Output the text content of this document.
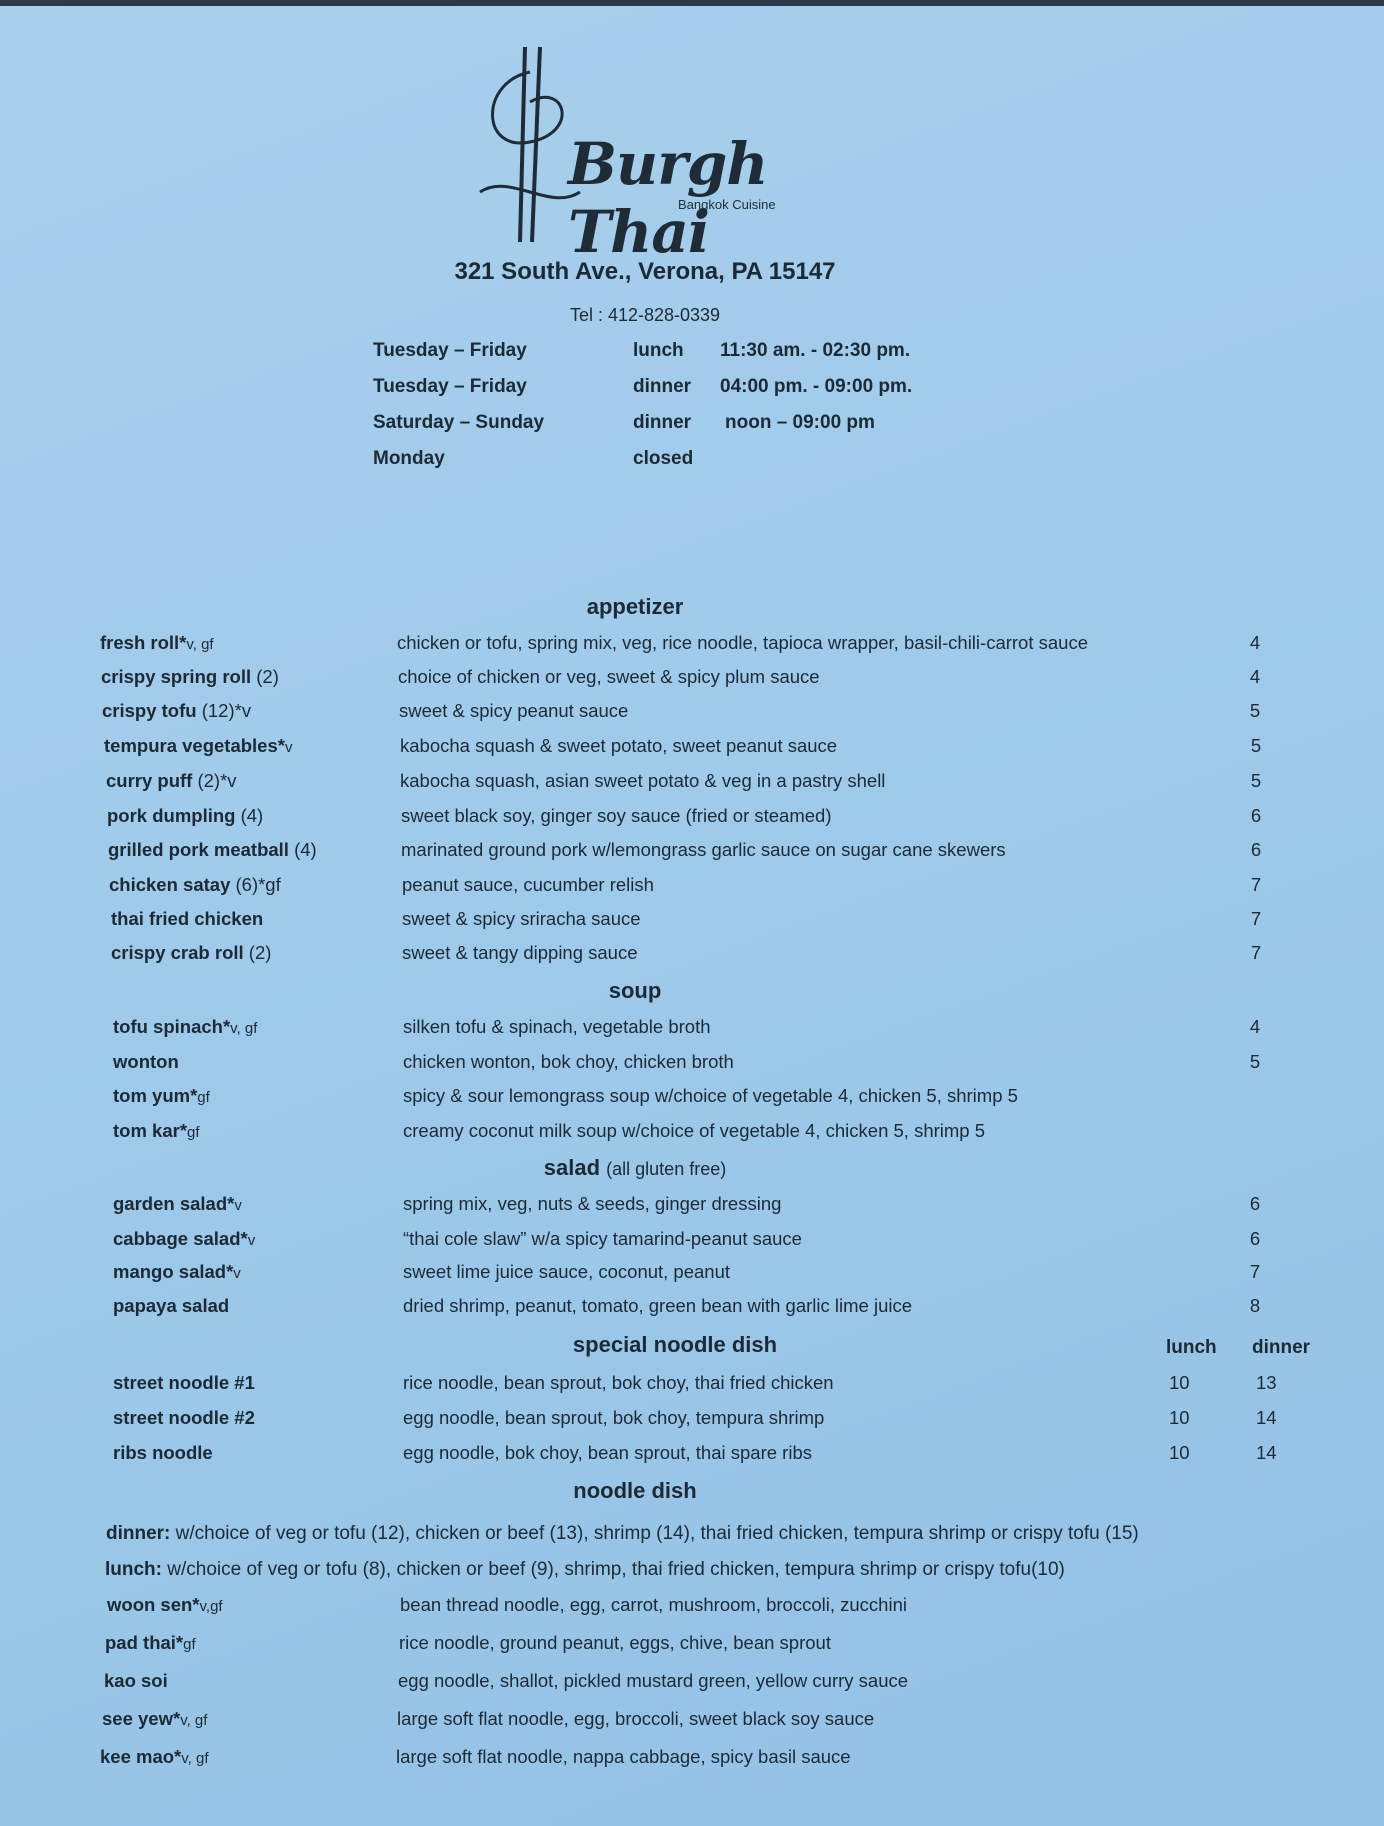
Burgh Thai
Bangkok Cuisine
321 South Ave., Verona, PA 15147
Tel : 412-828-0339
Tuesday – Friday	lunch 11:30 am. - 02:30 pm.
Tuesday – Friday	dinner 04:00 pm. - 09:00 pm.
Saturday – Sunday	dinner noon – 09:00 pm
Monday	closed
appetizer
fresh roll*v, gf	chicken or tofu, spring mix, veg, rice noodle, tapioca wrapper, basil-chili-carrot sauce	4
crispy spring roll (2)	choice of chicken or veg, sweet & spicy plum sauce	4
crispy tofu (12)*v	sweet & spicy peanut sauce	5
tempura vegetables*v	kabocha squash & sweet potato, sweet peanut sauce	5
curry puff (2)*v	kabocha squash, asian sweet potato & veg in a pastry shell	5
pork dumpling (4)	sweet black soy, ginger soy sauce (fried or steamed)	6
grilled pork meatball (4)	marinated ground pork w/lemongrass garlic sauce on sugar cane skewers	6
chicken satay (6)*gf	peanut sauce, cucumber relish	7
thai fried chicken	sweet & spicy sriracha sauce	7
crispy crab roll (2)	sweet & tangy dipping sauce	7
soup
tofu spinach*v, gf	silken tofu & spinach, vegetable broth	4
wonton	chicken wonton, bok choy, chicken broth	5
tom yum*gf	spicy & sour lemongrass soup w/choice of vegetable 4, chicken 5, shrimp 5
tom kar*gf	creamy coconut milk soup w/choice of vegetable 4, chicken 5, shrimp 5
salad (all gluten free)
garden salad*v	spring mix, veg, nuts & seeds, ginger dressing	6
cabbage salad*v	“thai cole slaw” w/a spicy tamarind-peanut sauce	6
mango salad*v	sweet lime juice sauce, coconut, peanut	7
papaya salad	dried shrimp, peanut, tomato, green bean with garlic lime juice	8
special noodle dish	lunch dinner
street noodle #1	rice noodle, bean sprout, bok choy, thai fried chicken	10	13
street noodle #2	egg noodle, bean sprout, bok choy, tempura shrimp	10	14
ribs noodle	egg noodle, bok choy, bean sprout, thai spare ribs	10	14
noodle dish
dinner: w/choice of veg or tofu (12), chicken or beef (13), shrimp (14), thai fried chicken, tempura shrimp or crispy tofu (15)
lunch: w/choice of veg or tofu (8), chicken or beef (9), shrimp, thai fried chicken, tempura shrimp or crispy tofu(10)
woon sen*v,gf	bean thread noodle, egg, carrot, mushroom, broccoli, zucchini
pad thai*gf	rice noodle, ground peanut, eggs, chive, bean sprout
kao soi	egg noodle, shallot, pickled mustard green, yellow curry sauce
see yew*v, gf	large soft flat noodle, egg, broccoli, sweet black soy sauce
kee mao*v, gf	large soft flat noodle, nappa cabbage, spicy basil sauce
